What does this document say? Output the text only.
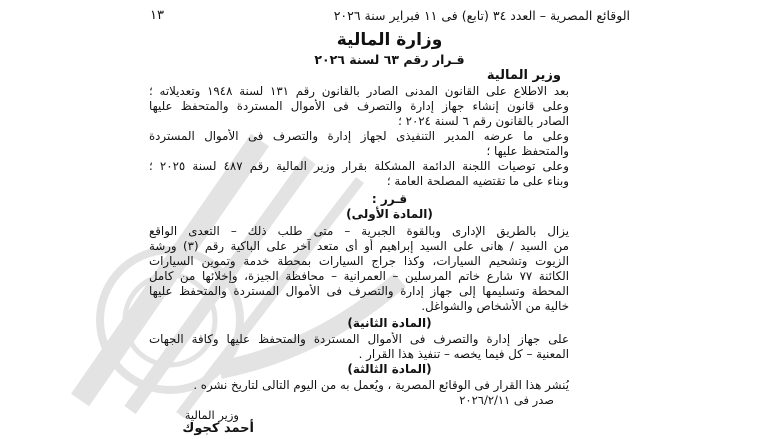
الوقائع المصرية – العدد ٣٤ (تابع) فى ١١ فبراير سنة ٢٠٢٦
١٣
وزارة المالية
قـرار رقم ٦٣ لسنة ٢٠٢٦
وزير المالية
بعد الاطلاع على القانون المدنى الصادر بالقانون رقم ١٣١ لسنة ١٩٤٨ وتعديلاته ؛
وعلى قانون إنشاء جهاز إدارة والتصرف فى الأموال المستردة والمتحفظ عليها
الصادر بالقانون رقم ٦ لسنة ٢٠٢٤ ؛
وعلى ما عرضه المدير التنفيذى لجهاز إدارة والتصرف فى الأموال المستردة
والمتحفظ عليها ؛
وعلى توصيات اللجنة الدائمة المشكلة بقرار وزير المالية رقم ٤٨٧ لسنة ٢٠٢٥ ؛
وبناء على ما تقتضيه المصلحة العامة ؛
قـرر :
(المادة الأولى)
يزال بالطريق الإدارى وبالقوة الجبرية – متى طلب ذلك – التعدى الواقع
من السيد / هانى على السيد إبراهيم أو أى متعد آخر على الباكية رقم (٣) ورشة
الزيوت وتشحيم السيارات، وكذا جراج السيارات بمحطة خدمة وتموين السيارات
الكائنة ٧٧ شارع خاتم المرسلين – العمرانية – محافظة الجيزة، وإخلائها من كامل
المحطة وتسليمها إلى جهاز إدارة والتصرف فى الأموال المستردة والمتحفظ عليها
خالية من الأشخاص والشواغل.
(المادة الثانية)
على جهاز إدارة والتصرف فى الأموال المستردة والمتحفظ عليها وكافة الجهات
المعنية – كل فيما يخصه – تنفيذ هذا القرار .
(المادة الثالثة)
يُنشر هذا القرار فى الوقائع المصرية ، ويُعمل به من اليوم التالى لتاريخ نشره .
صدر فى ٢٠٢٦/٢/١١
وزير المالية
أحمد كجوك
